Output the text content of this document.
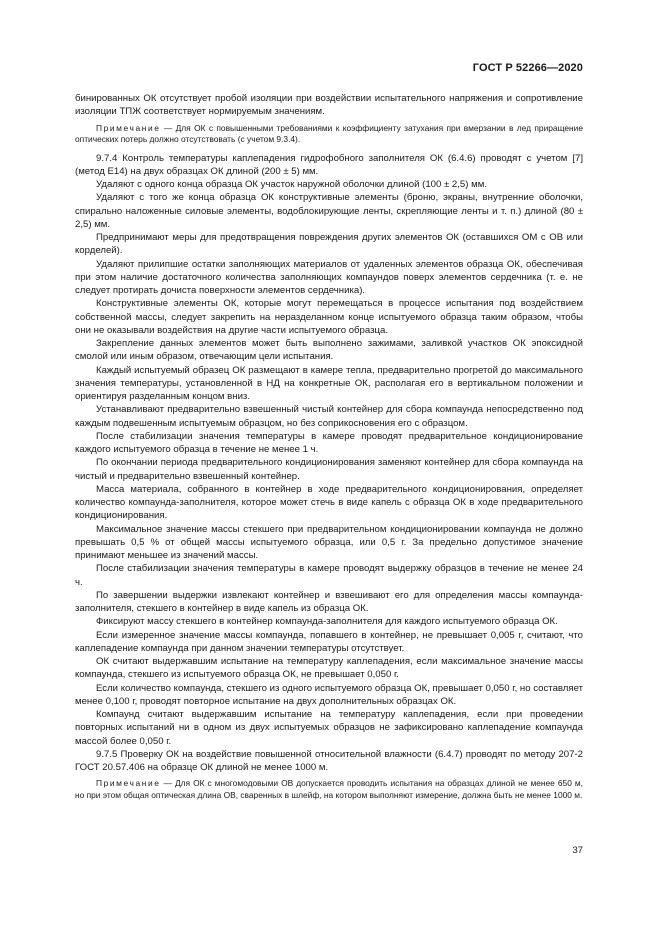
ГОСТ Р 52266—2020

бинированных ОК отсутствует пробой изоляции при воздействии испытательного напряжения и сопротивление изоляции ТПЖ соответствует нормируемым значениям.

Примечание — Для ОК с повышенными требованиями к коэффициенту затухания при вмерзании в лед приращение оптических потерь должно отсутствовать (с учетом 9.3.4).

9.7.4 Контроль температуры каплепадения гидрофобного заполнителя ОК (6.4.6) проводят с учетом [7] (метод Е14) на двух образцах ОК длиной (200 ± 5) мм.

Удаляют с одного конца образца ОК участок наружной оболочки длиной (100 ± 2,5) мм.

Удаляют с того же конца образца ОК конструктивные элементы (броню, экраны, внутренние оболочки, спирально наложенные силовые элементы, водоблокирующие ленты, скрепляющие ленты и т. п.) длиной (80 ± 2,5) мм.

Предпринимают меры для предотвращения повреждения других элементов ОК (оставшихся ОМ с ОВ или корделей).

Удаляют прилипшие остатки заполняющих материалов от удаленных элементов образца ОК, обеспечивая при этом наличие достаточного количества заполняющих компаундов поверх элементов сердечника (т. е. не следует протирать дочиста поверхности элементов сердечника).

Конструктивные элементы ОК, которые могут перемещаться в процессе испытания под воздействием собственной массы, следует закрепить на неразделанном конце испытуемого образца таким образом, чтобы они не оказывали воздействия на другие части испытуемого образца.

Закрепление данных элементов может быть выполнено зажимами, заливкой участков ОК эпоксидной смолой или иным образом, отвечающим цели испытания.

Каждый испытуемый образец ОК размещают в камере тепла, предварительно прогретой до максимального значения температуры, установленной в НД на конкретные ОК, располагая его в вертикальном положении и ориентируя разделанным концом вниз.

Устанавливают предварительно взвешенный чистый контейнер для сбора компаунда непосредственно под каждым подвешенным испытуемым образцом, но без соприкосновения его с образцом.

После стабилизации значения температуры в камере проводят предварительное кондиционирование каждого испытуемого образца в течение не менее 1 ч.

По окончании периода предварительного кондиционирования заменяют контейнер для сбора компаунда на чистый и предварительно взвешенный контейнер.

Масса материала, собранного в контейнер в ходе предварительного кондиционирования, определяет количество компаунда-заполнителя, которое может стечь в виде капель с образца ОК в ходе предварительного кондиционирования.

Максимальное значение массы стекшего при предварительном кондиционировании компаунда не должно превышать 0,5 % от общей массы испытуемого образца, или 0,5 г. За предельно допустимое значение принимают меньшее из значений массы.

После стабилизации значения температуры в камере проводят выдержку образцов в течение не менее 24 ч.

По завершении выдержки извлекают контейнер и взвешивают его для определения массы компаунда-заполнителя, стекшего в контейнер в виде капель из образца ОК.

Фиксируют массу стекшего в контейнер компаунда-заполнителя для каждого испытуемого образца ОК.

Если измеренное значение массы компаунда, попавшего в контейнер, не превышает 0,005 г, считают, что каплепадение компаунда при данном значении температуры отсутствует.

ОК считают выдержавшим испытание на температуру каплепадения, если максимальное значение массы компаунда, стекшего из испытуемого образца ОК, не превышает 0,050 г.

Если количество компаунда, стекшего из одного испытуемого образца ОК, превышает 0,050 г, но составляет менее 0,100 г, проводят повторное испытание на двух дополнительных образцах ОК.

Компаунд считают выдержавшим испытание на температуру каплепадения, если при проведении повторных испытаний ни в одном из двух испытуемых образцов не зафиксировано каплепадение компаунда массой более 0,050 г.

9.7.5 Проверку ОК на воздействие повышенной относительной влажности (6.4.7) проводят по методу 207-2 ГОСТ 20.57.406 на образце ОК длиной не менее 1000 м.

Примечание — Для ОК с многомодовыми ОВ допускается проводить испытания на образцах длиной не менее 650 м, но при этом общая оптическая длина ОВ, сваренных в шлейф, на котором выполняют измерение, должна быть не менее 1000 м.

37
